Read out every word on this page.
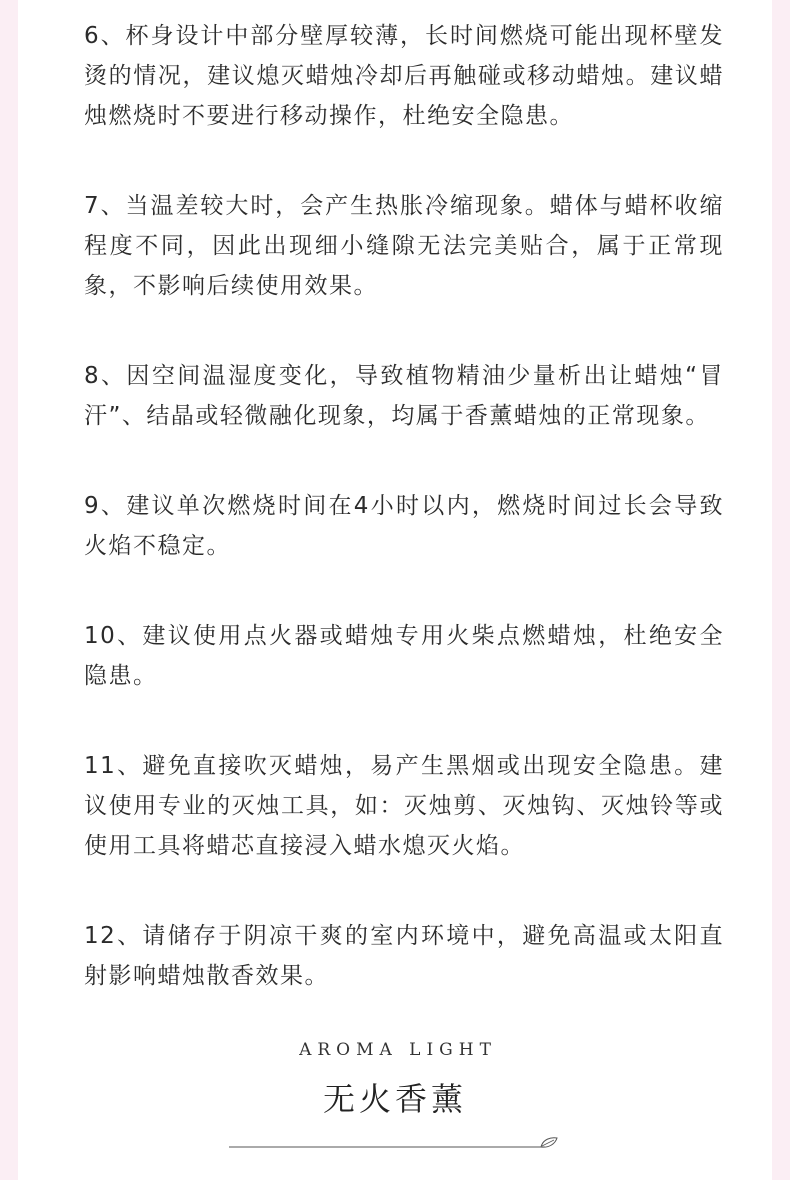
6、杯身设计中部分壁厚较薄，长时间燃烧可能出现杯壁发烫的情况，建议熄灭蜡烛冷却后再触碰或移动蜡烛。建议蜡烛燃烧时不要进行移动操作，杜绝安全隐患。

7、当温差较大时，会产生热胀冷缩现象。蜡体与蜡杯收缩程度不同，因此出现细小缝隙无法完美贴合，属于正常现象，不影响后续使用效果。

8、因空间温湿度变化，导致植物精油少量析出让蜡烛“冒汗”、结晶或轻微融化现象，均属于香薰蜡烛的正常现象。

9、建议单次燃烧时间在4小时以内，燃烧时间过长会导致火焰不稳定。

10、建议使用点火器或蜡烛专用火柴点燃蜡烛，杜绝安全隐患。

11、避免直接吹灭蜡烛，易产生黑烟或出现安全隐患。建议使用专业的灭烛工具，如：灭烛剪、灭烛钩、灭烛铃等或使用工具将蜡芯直接浸入蜡水熄灭火焰。

12、请储存于阴凉干爽的室内环境中，避免高温或太阳直射影响蜡烛散香效果。

AROMA LIGHT
无火香薰
